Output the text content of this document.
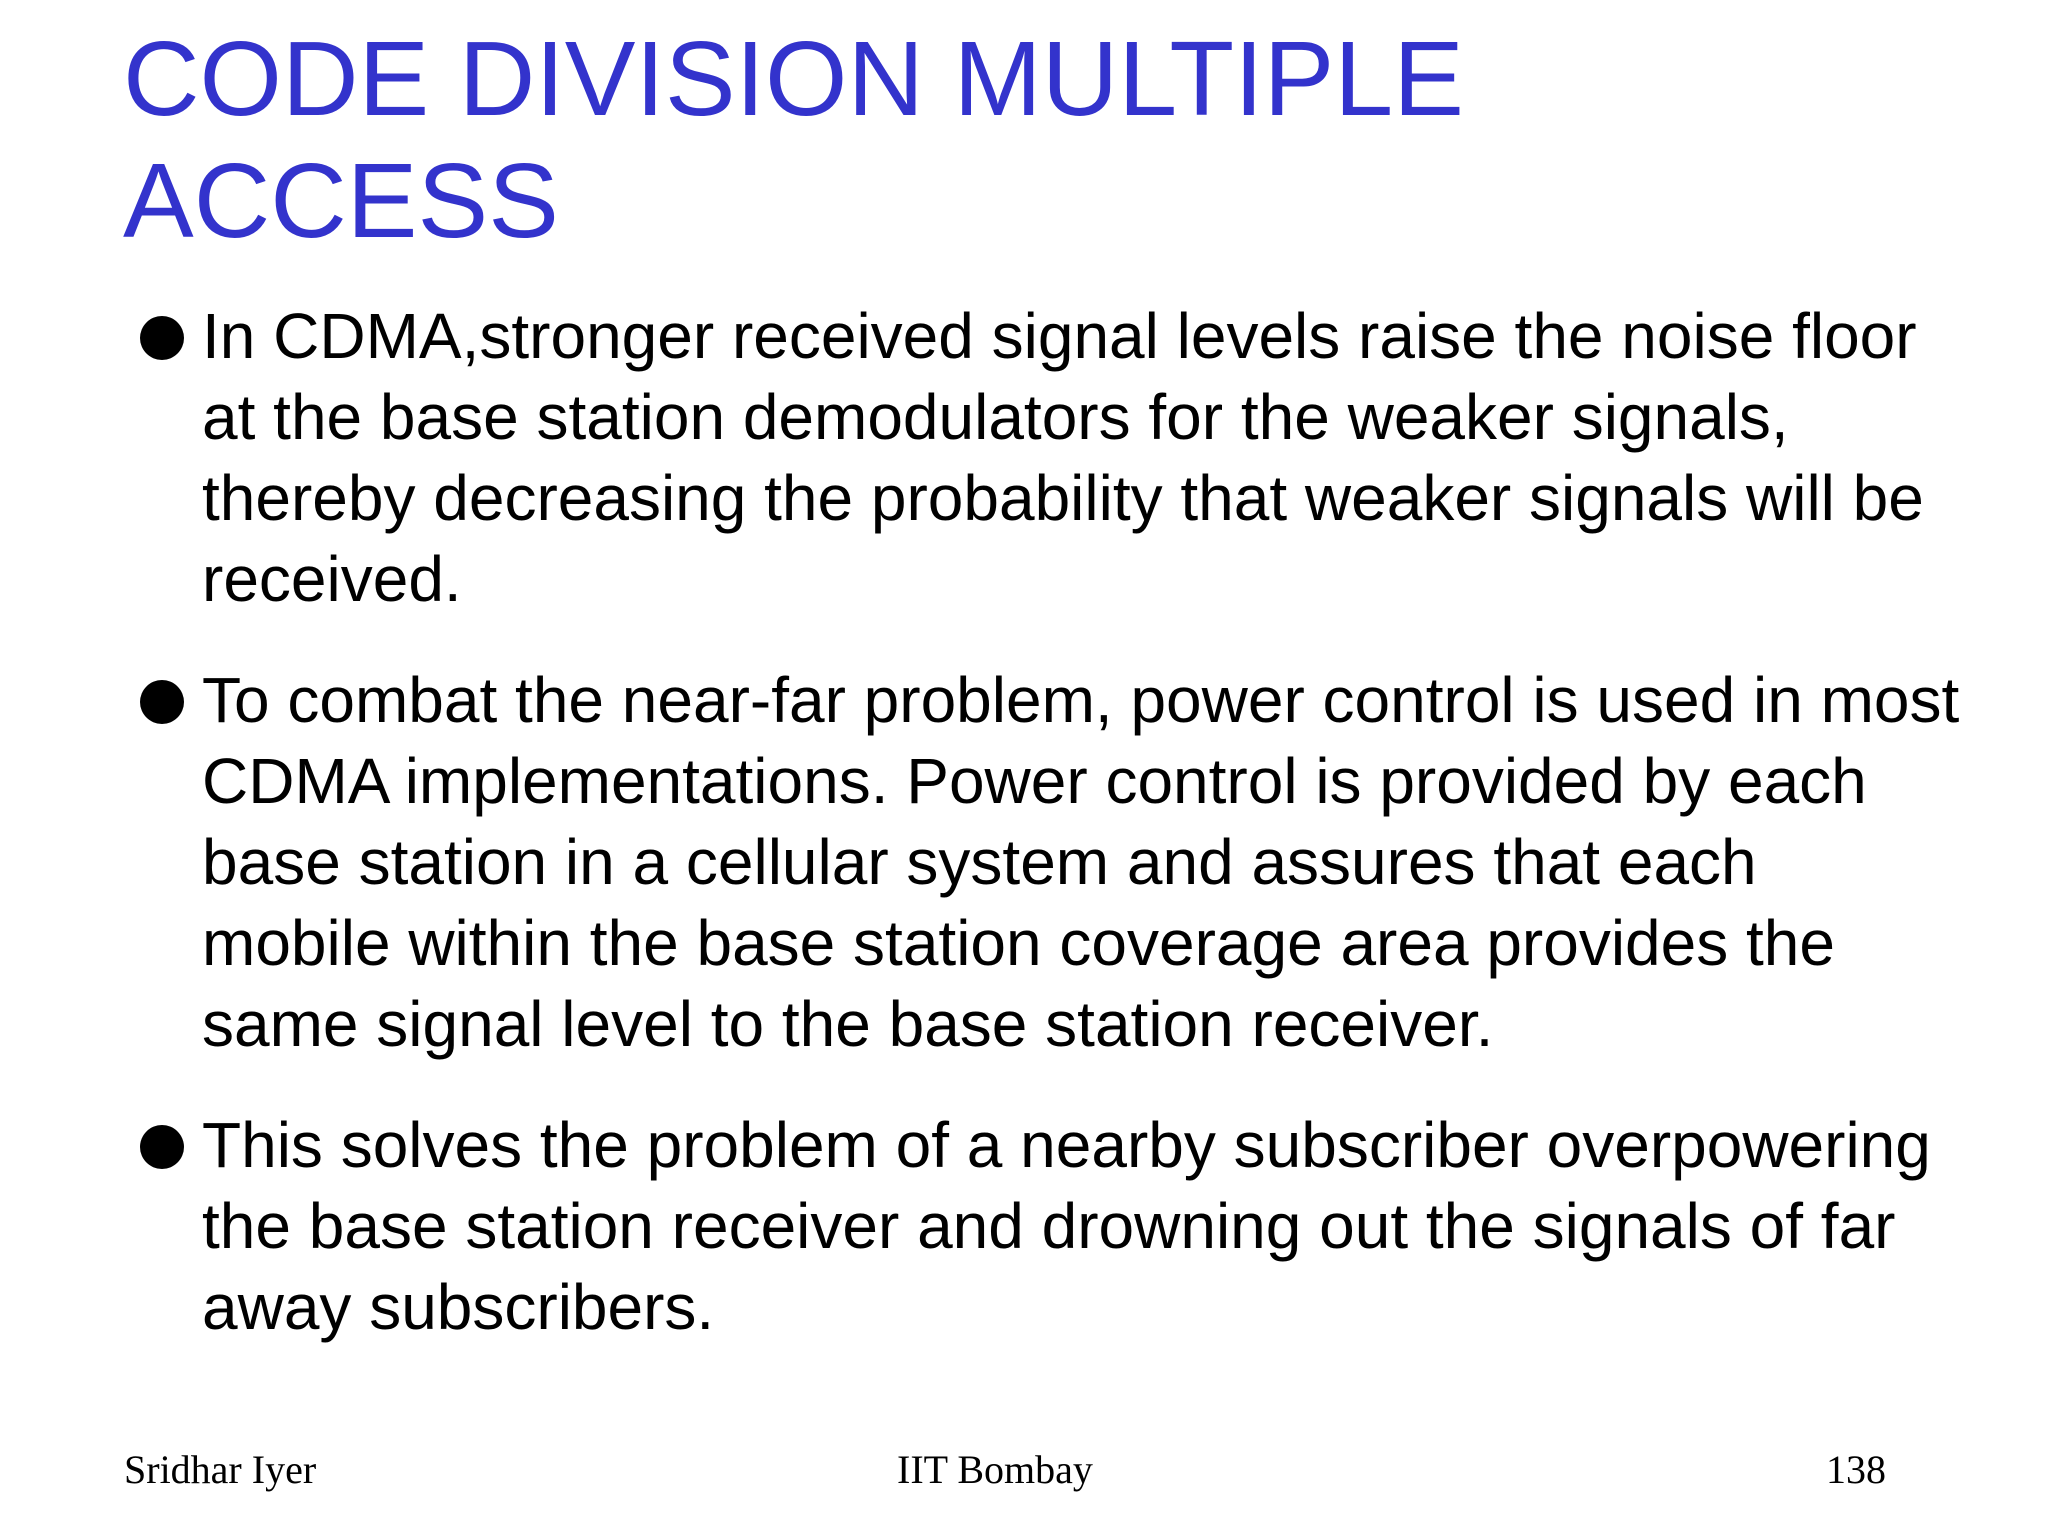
CODE DIVISION MULTIPLE ACCESS
In CDMA,stronger received signal levels raise the noise floor at the base station demodulators for the weaker signals, thereby decreasing the probability that weaker signals will be received.
To combat the near-far problem, power control is used in most CDMA implementations. Power control is provided by each base station in a cellular system and assures that each mobile within the base station coverage area provides the same signal level to the base station receiver.
This solves the problem of a nearby subscriber overpowering the base station receiver and drowning out the signals of far away subscribers.
Sridhar Iyer	IIT Bombay	138
